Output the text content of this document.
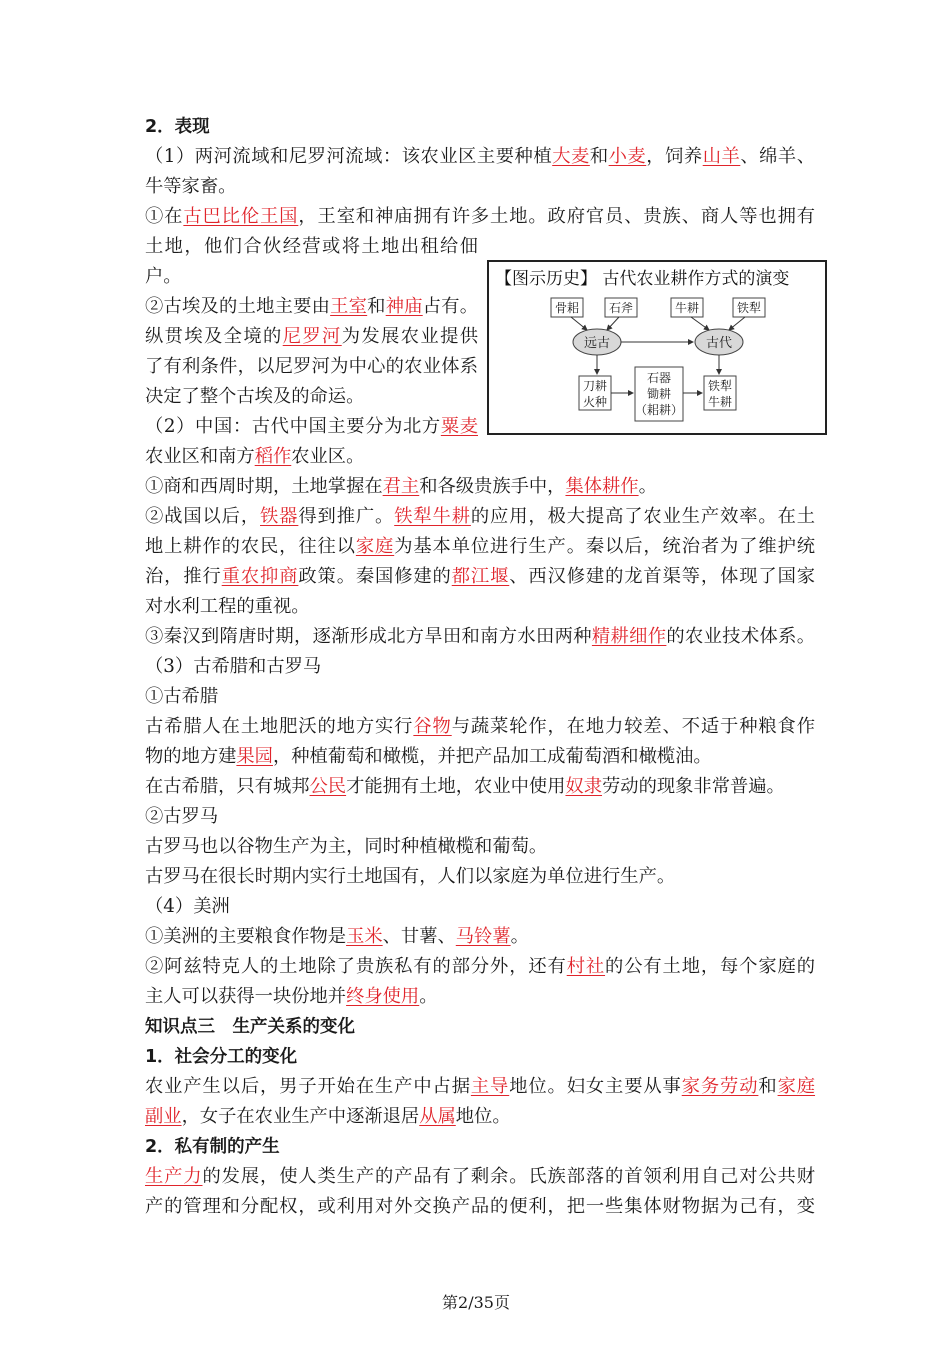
2．表现
（1）两河流域和尼罗河流域：该农业区主要种植大麦和小麦，饲养山羊、绵羊、
牛等家畜。
①在古巴比伦王国，王室和神庙拥有许多土地。政府官员、贵族、商人等也拥有
土地，他们合伙经营或将土地出租给佃
户。
②古埃及的土地主要由王室和神庙占有。
纵贯埃及全境的尼罗河为发展农业提供
了有利条件，以尼罗河为中心的农业体系
决定了整个古埃及的命运。
（2）中国：古代中国主要分为北方粟麦
农业区和南方稻作农业区。
①商和西周时期，土地掌握在君主和各级贵族手中，集体耕作。
②战国以后，铁器得到推广。铁犁牛耕的应用，极大提高了农业生产效率。在土
地上耕作的农民，往往以家庭为基本单位进行生产。秦以后，统治者为了维护统
治，推行重农抑商政策。秦国修建的都江堰、西汉修建的龙首渠等，体现了国家
对水利工程的重视。
③秦汉到隋唐时期，逐渐形成北方旱田和南方水田两种精耕细作的农业技术体系。
（3）古希腊和古罗马
①古希腊
古希腊人在土地肥沃的地方实行谷物与蔬菜轮作，在地力较差、不适于种粮食作
物的地方建果园，种植葡萄和橄榄，并把产品加工成葡萄酒和橄榄油。
在古希腊，只有城邦公民才能拥有土地，农业中使用奴隶劳动的现象非常普遍。
②古罗马
古罗马也以谷物生产为主，同时种植橄榄和葡萄。
古罗马在很长时期内实行土地国有，人们以家庭为单位进行生产。
（4）美洲
①美洲的主要粮食作物是玉米、甘薯、马铃薯。
②阿兹特克人的土地除了贵族私有的部分外，还有村社的公有土地，每个家庭的
主人可以获得一块份地并终身使用。
知识点三　生产关系的变化
1．社会分工的变化
农业产生以后，男子开始在生产中占据主导地位。妇女主要从事家务劳动和家庭
副业，女子在农业生产中逐渐退居从属地位。
2．私有制的产生
生产力的发展，使人类生产的产品有了剩余。氏族部落的首领利用自己对公共财
产的管理和分配权，或利用对外交换产品的便利，把一些集体财物据为己有，变
【图示历史】 古代农业耕作方式的演变
骨耜 石斧	牛耕	铁犁
远古	古代
刀耕
火种
石器
锄耕
（耜耕）
铁犁
牛耕
第2/35页
